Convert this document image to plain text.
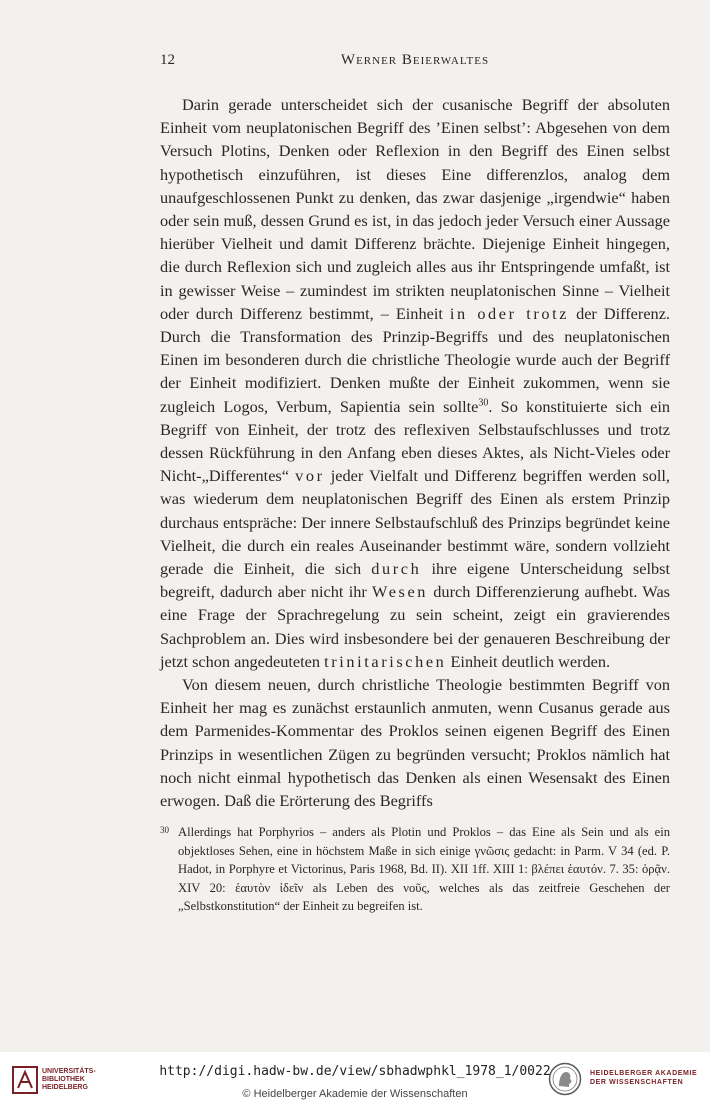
12	Werner Beierwaltes

Darin gerade unterscheidet sich der cusanische Begriff der absoluten Einheit vom neuplatonischen Begriff des ’Einen selbst’: Abgesehen von dem Versuch Plotins, Denken oder Reflexion in den Begriff des Einen selbst hypothetisch einzuführen, ist dieses Eine differenzlos, analog dem unaufgeschlossenen Punkt zu denken, das zwar dasjenige „irgendwie“ haben oder sein muß, dessen Grund es ist, in das jedoch jeder Versuch einer Aussage hierüber Vielheit und damit Differenz brächte. Diejenige Einheit hingegen, die durch Reflexion sich und zugleich alles aus ihr Entspringende umfaßt, ist in gewisser Weise – zumindest im strikten neuplatonischen Sinne – Vielheit oder durch Differenz bestimmt, – Einheit in oder trotz der Differenz. Durch die Transformation des Prinzip-Begriffs und des neuplatonischen Einen im besonderen durch die christliche Theologie wurde auch der Begriff der Einheit modifiziert. Denken mußte der Einheit zukommen, wenn sie zugleich Logos, Verbum, Sapientia sein sollte$^{30}$. So konstituierte sich ein Begriff von Einheit, der trotz des reflexiven Selbstaufschlusses und trotz dessen Rückführung in den Anfang eben dieses Aktes, als Nicht-Vieles oder Nicht-„Differentes“ vor jeder Vielfalt und Differenz begriffen werden soll, was wiederum dem neuplatonischen Begriff des Einen als erstem Prinzip durchaus entspräche: Der innere Selbstaufschluß des Prinzips begründet keine Vielheit, die durch ein reales Auseinander bestimmt wäre, sondern vollzieht gerade die Einheit, die sich durch ihre eigene Unterscheidung selbst begreift, dadurch aber nicht ihr Wesen durch Differenzierung aufhebt. Was eine Frage der Sprachregelung zu sein scheint, zeigt ein gravierendes Sachproblem an. Dies wird insbesondere bei der genaueren Beschreibung der jetzt schon angedeuteten trinitarischen Einheit deutlich werden.

Von diesem neuen, durch christliche Theologie bestimmten Begriff von Einheit her mag es zunächst erstaunlich anmuten, wenn Cusanus gerade aus dem Parmenides-Kommentar des Proklos seinen eigenen Begriff des Einen Prinzips in wesentlichen Zügen zu begründen versucht; Proklos nämlich hat noch nicht einmal hypothetisch das Denken als einen Wesensakt des Einen erwogen. Daß die Erörterung des Begriffs

30 Allerdings hat Porphyrios – anders als Plotin und Proklos – das Eine als Sein und als ein objektloses Sehen, eine in höchstem Maße in sich einige γνῶσις gedacht: in Parm. V 34 (ed. P. Hadot, in Porphyre et Victorinus, Paris 1968, Bd. II). XII 1ff. XIII 1: βλέπει ἑαυτόν. 7. 35: ὁρᾷν. XIV 20: ἑαυτὸν ἰδεῖν als Leben des νοῦς, welches als das zeitfreie Geschehen der „Selbstkonstitution“ der Einheit zu begreifen ist.
UNIVERSITÄTS-
BIBLIOTHEK
HEIDELBERG
http://digi.hadw-bw.de/view/sbhadwphkl_1978_1/0022
© Heidelberger Akademie der Wissenschaften
HEIDELBERGER AKADEMIE
DER WISSENSCHAFTEN
